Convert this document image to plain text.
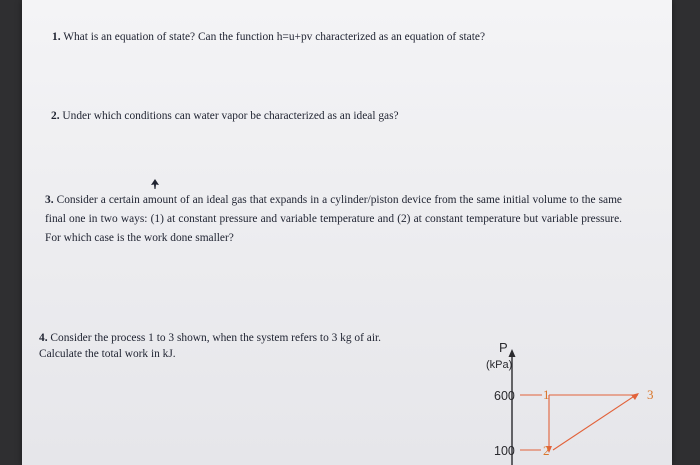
1. What is an equation of state? Can the function h=u+pv characterized as an equation of state?

2. Under which conditions can water vapor be characterized as an ideal gas?

3. Consider a certain amount of an ideal gas that expands in a cylinder/piston device from the same initial volume to the same final one in two ways: (1) at constant pressure and variable temperature and (2) at constant temperature but variable pressure. For which case is the work done smaller?

4. Consider the process 1 to 3 shown, when the system refers to 3 kg of air.
Calculate the total work in kJ.	P
(kPa)
600
100
1
2
3
